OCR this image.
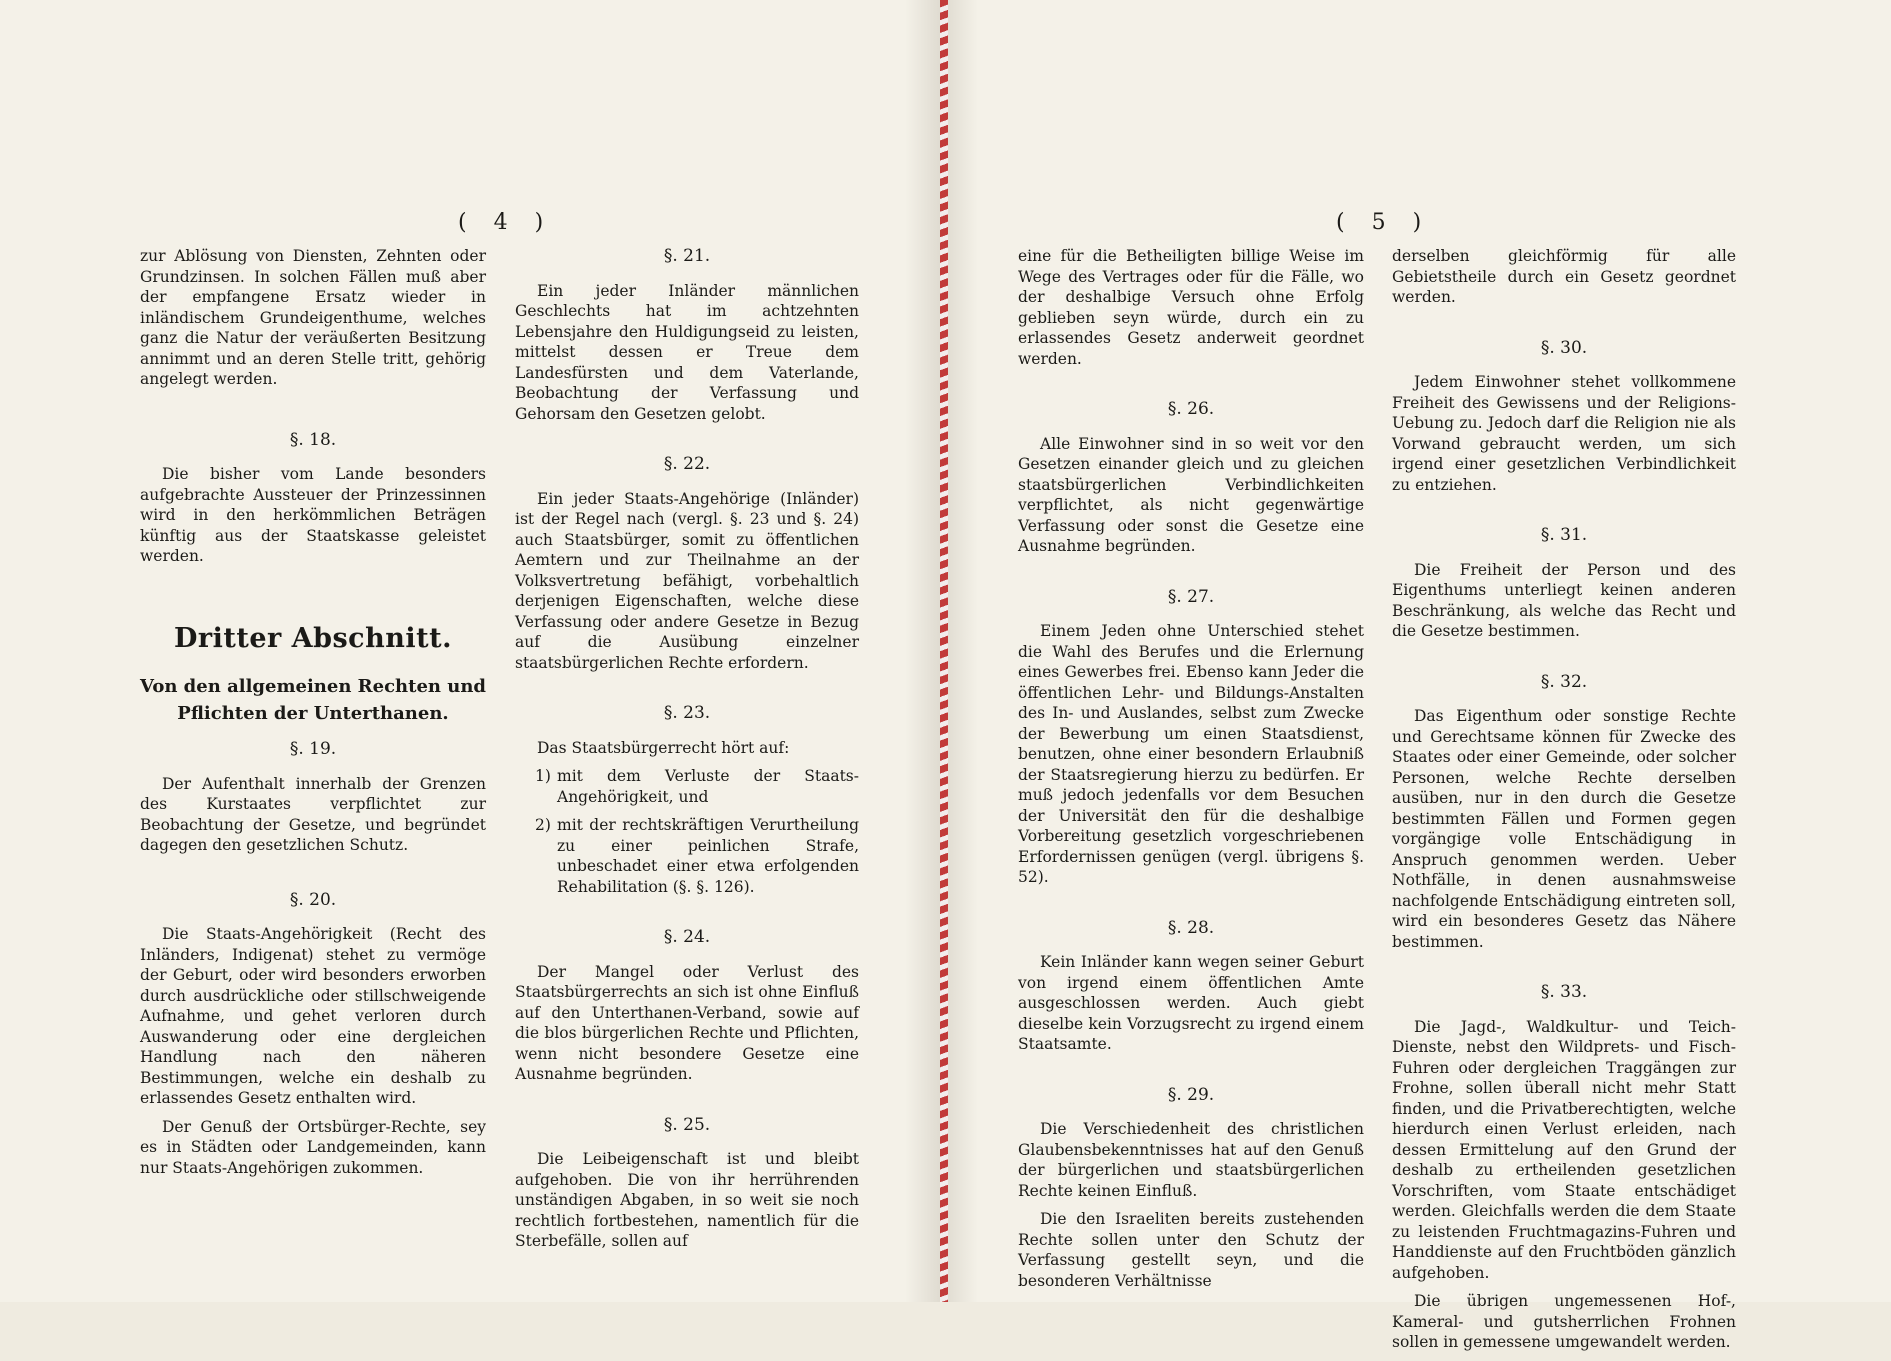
( 4 )

zur Ablösung von Diensten, Zehnten oder Grundzinsen. In solchen Fällen muß aber der empfangene Ersatz wieder in inländischem Grundeigenthume, welches ganz die Natur der veräußerten Besitzung annimmt und an deren Stelle tritt, gehörig angelegt werden.

§. 18.

Die bisher vom Lande besonders aufgebrachte Aussteuer der Prinzessinnen wird in den herkömmlichen Beträgen künftig aus der Staatskasse geleistet werden.

Dritter Abschnitt.
Von den allgemeinen Rechten und Pflichten der Unterthanen.
§. 19.

Der Aufenthalt innerhalb der Grenzen des Kurstaates verpflichtet zur Beobachtung der Gesetze, und begründet dagegen den gesetzlichen Schutz.

§. 20.

Die Staats-Angehörigkeit (Recht des Inländers, Indigenat) stehet zu vermöge der Geburt, oder wird besonders erworben durch ausdrückliche oder stillschweigende Aufnahme, und gehet verloren durch Auswanderung oder eine dergleichen Handlung nach den näheren Bestimmungen, welche ein deshalb zu erlassendes Gesetz enthalten wird.

Der Genuß der Ortsbürger-Rechte, sey es in Städten oder Landgemeinden, kann nur Staats-Angehörigen zukommen.

§. 21.

Ein jeder Inländer männlichen Geschlechts hat im achtzehnten Lebensjahre den Huldigungseid zu leisten, mittelst dessen er Treue dem Landesfürsten und dem Vaterlande, Beobachtung der Verfassung und Gehorsam den Gesetzen gelobt.

§. 22.

Ein jeder Staats-Angehörige (Inländer) ist der Regel nach (vergl. §. 23 und §. 24) auch Staatsbürger, somit zu öffentlichen Aemtern und zur Theilnahme an der Volksvertretung befähigt, vorbehaltlich derjenigen Eigenschaften, welche diese Verfassung oder andere Gesetze in Bezug auf die Ausübung einzelner staatsbürgerlichen Rechte erfordern.

§. 23.

Das Staatsbürgerrecht hört auf:

1) mit dem Verluste der Staats-Angehörigkeit, und
2) mit der rechtskräftigen Verurtheilung zu einer peinlichen Strafe, unbeschadet einer etwa erfolgenden Rehabilitation (§. §. 126).
§. 24.

Der Mangel oder Verlust des Staatsbürgerrechts an sich ist ohne Einfluß auf den Unterthanen-Verband, sowie auf die blos bürgerlichen Rechte und Pflichten, wenn nicht besondere Gesetze eine Ausnahme begründen.

§. 25.

Die Leibeigenschaft ist und bleibt aufgehoben. Die von ihr herrührenden unständigen Abgaben, in so weit sie noch rechtlich fortbestehen, namentlich für die Sterbefälle, sollen auf

( 5 )

eine für die Betheiligten billige Weise im Wege des Vertrages oder für die Fälle, wo der deshalbige Versuch ohne Erfolg geblieben seyn würde, durch ein zu erlassendes Gesetz anderweit geordnet werden.

§. 26.

Alle Einwohner sind in so weit vor den Gesetzen einander gleich und zu gleichen staatsbürgerlichen Verbindlichkeiten verpflichtet, als nicht gegenwärtige Verfassung oder sonst die Gesetze eine Ausnahme begründen.

§. 27.

Einem Jeden ohne Unterschied stehet die Wahl des Berufes und die Erlernung eines Gewerbes frei. Ebenso kann Jeder die öffentlichen Lehr- und Bildungs-Anstalten des In- und Auslandes, selbst zum Zwecke der Bewerbung um einen Staatsdienst, benutzen, ohne einer besondern Erlaubniß der Staatsregierung hierzu zu bedürfen. Er muß jedoch jedenfalls vor dem Besuchen der Universität den für die deshalbige Vorbereitung gesetzlich vorgeschriebenen Erfordernissen genügen (vergl. übrigens §. 52).

§. 28.

Kein Inländer kann wegen seiner Geburt von irgend einem öffentlichen Amte ausgeschlossen werden. Auch giebt dieselbe kein Vorzugsrecht zu irgend einem Staatsamte.

§. 29.

Die Verschiedenheit des christlichen Glaubensbekenntnisses hat auf den Genuß der bürgerlichen und staatsbürgerlichen Rechte keinen Einfluß.

Die den Israeliten bereits zustehenden Rechte sollen unter den Schutz der Verfassung gestellt seyn, und die besonderen Verhältnisse

derselben gleichförmig für alle Gebietstheile durch ein Gesetz geordnet werden.

§. 30.

Jedem Einwohner stehet vollkommene Freiheit des Gewissens und der Religions-Uebung zu. Jedoch darf die Religion nie als Vorwand gebraucht werden, um sich irgend einer gesetzlichen Verbindlichkeit zu entziehen.

§. 31.

Die Freiheit der Person und des Eigenthums unterliegt keinen anderen Beschränkung, als welche das Recht und die Gesetze bestimmen.

§. 32.

Das Eigenthum oder sonstige Rechte und Gerechtsame können für Zwecke des Staates oder einer Gemeinde, oder solcher Personen, welche Rechte derselben ausüben, nur in den durch die Gesetze bestimmten Fällen und Formen gegen vorgängige volle Entschädigung in Anspruch genommen werden. Ueber Nothfälle, in denen ausnahmsweise nachfolgende Entschädigung eintreten soll, wird ein besonderes Gesetz das Nähere bestimmen.

§. 33.

Die Jagd-, Waldkultur- und Teich-Dienste, nebst den Wildprets- und Fisch-Fuhren oder dergleichen Traggängen zur Frohne, sollen überall nicht mehr Statt finden, und die Privatberechtigten, welche hierdurch einen Verlust erleiden, nach dessen Ermittelung auf den Grund der deshalb zu ertheilenden gesetzlichen Vorschriften, vom Staate entschädiget werden. Gleichfalls werden die dem Staate zu leistenden Fruchtmagazins-Fuhren und Handdienste auf den Fruchtböden gänzlich aufgehoben.

Die übrigen ungemessenen Hof-, Kameral- und gutsherrlichen Frohnen sollen in gemessene umgewandelt werden.
